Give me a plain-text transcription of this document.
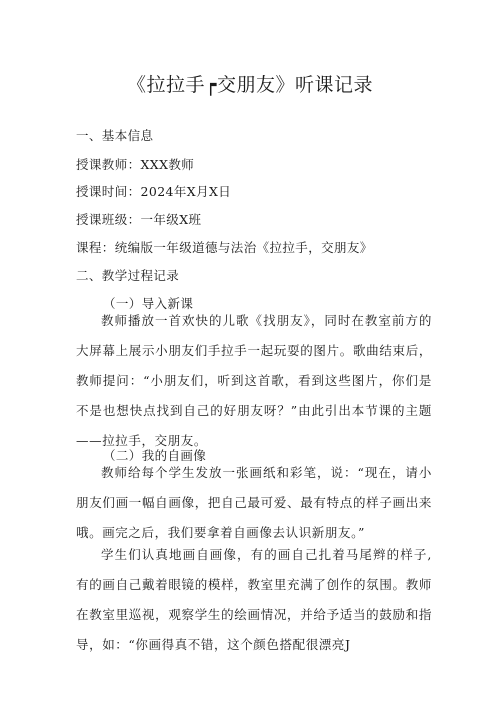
《拉拉手┍交朋友》听课记录
一、基本信息
授课教师：XXX教师
授课时间：2024年X月X日
授课班级：一年级X班
课程：统编版一年级道德与法治《拉拉手，交朋友》
二、教学过程记录
（一）导入新课
教师播放一首欢快的儿歌《找朋友》，同时在教室前方的大屏幕上展示小朋友们手拉手一起玩耍的图片。歌曲结束后，教师提问：“小朋友们，听到这首歌，看到这些图片，你们是不是也想快点找到自己的好朋友呀？”由此引出本节课的主题——拉拉手，交朋友。
（二）我的自画像
教师给每个学生发放一张画纸和彩笔，说：“现在，请小朋友们画一幅自画像，把自己最可爱、最有特点的样子画出来哦。画完之后，我们要拿着自画像去认识新朋友。”
学生们认真地画自画像，有的画自己扎着马尾辫的样子,有的画自己戴着眼镜的模样，教室里充满了创作的氛围。教师在教室里巡视，观察学生的绘画情况，并给予适当的鼓励和指导，如：“你画得真不错，这个颜色搭配很漂亮J
